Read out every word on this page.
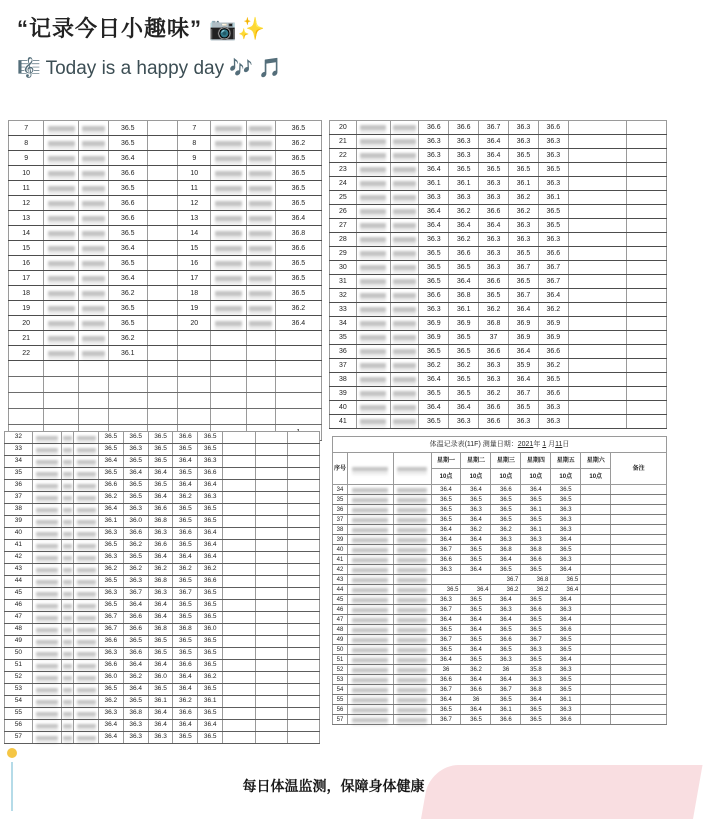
“记录今日小趣味” 📷✨
🎼 Today is a happy day 🎶 🎵
7			36.5		7			36.5
8			36.5		8			36.2
9			36.4		9			36.5
10			36.6		10			36.5
11			36.5		11			36.5
12			36.6		12			36.5
13			36.6		13			36.4
14			36.5		14			36.8
15			36.4		15			36.6
16			36.5		16			36.5
17			36.4		17			36.5
18			36.2		18			36.5
19			36.5		19			36.2
20			36.5		20			36.4
21			36.2					
22			36.1					

20			36.6	36.6	36.7	36.3	36.6		
21			36.3	36.3	36.4	36.3	36.3		
22			36.3	36.3	36.4	36.5	36.3		
23			36.4	36.5	36.5	36.5	36.5		
24			36.1	36.1	36.3	36.1	36.3		
25			36.3	36.3	36.3	36.2	36.1		
26			36.4	36.2	36.6	36.2	36.5		
27			36.4	36.4	36.4	36.3	36.5		
28			36.3	36.2	36.3	36.3	36.3		
29			36.5	36.6	36.3	36.5	36.6		
30			36.5	36.5	36.3	36.7	36.7		
31			36.5	36.4	36.6	36.5	36.7		
32			36.6	36.8	36.5	36.7	36.4		
33			36.3	36.1	36.2	36.4	36.2		
34			36.9	36.9	36.8	36.9	36.9		
35			36.9	36.5	37	36.9	36.9		
36			36.5	36.5	36.6	36.4	36.6		
37			36.2	36.2	36.3	35.9	36.2		
38			36.4	36.5	36.3	36.4	36.5		
39			36.5	36.5	36.2	36.7	36.6		
40			36.4	36.4	36.6	36.5	36.3		
41			36.5	36.3	36.6	36.3	36.3		
32				36.5	36.5	36.5	36.6	36.5			
33				36.5	36.3	36.5	36.5	36.5			
34				36.4	36.5	36.5	36.4	36.3			
35				36.5	36.4	36.4	36.5	36.6			
36				36.6	36.5	36.5	36.4	36.4			
37				36.2	36.5	36.4	36.2	36.3			
38				36.4	36.3	36.6	36.5	36.5			
39				36.1	36.0	36.8	36.5	36.5			
40				36.3	36.6	36.3	36.6	36.4			
41				36.5	36.2	36.6	36.5	36.4			
42				36.3	36.5	36.4	36.4	36.4			
43				36.2	36.2	36.2	36.2	36.2			
44				36.5	36.3	36.8	36.5	36.6			
45				36.3	36.7	36.3	36.7	36.5			
46				36.5	36.4	36.4	36.5	36.5			
47				36.7	36.6	36.4	36.5	36.5			
48				36.7	36.6	36.8	36.8	36.0			
49				36.6	36.5	36.5	36.5	36.5			
50				36.3	36.6	36.5	36.5	36.5			
51				36.6	36.4	36.4	36.6	36.5			
52				36.0	36.2	36.0	36.4	36.2			
53				36.5	36.4	36.5	36.4	36.5			
54				36.2	36.5	36.1	36.2	36.1			
55				36.3	36.8	36.4	36.6	36.5			
56				36.4	36.3	36.4	36.4	36.4			
57				36.4	36.3	36.3	36.5	36.5			
体温记录表(11F) 测量日期：2021年 1 月11日
序号			星期一	星期二	星期三	星期四	星期五	星期六	备注
			10点	10点	10点	10点	10点	10点	
34			36.4	36.4	36.6	36.4	36.5		
35			36.5	36.5	36.5	36.5	36.5		
36			36.5	36.3	36.5	36.1	36.3		
37			36.5	36.4	36.5	36.5	36.3		
38			36.4	36.2	36.2	36.1	36.3		
39			36.4	36.4	36.3	36.3	36.4		
40			36.7	36.5	36.8	36.8	36.5		
41			36.6	36.5	36.4	36.6	36.3		
42			36.3	36.4	36.5	36.5	36.4		
43					36.7	36.8	36.5		
44			36.5	36.4	36.2	36.2	36.4		
45			36.3	36.5	36.4	36.5	36.4		
46			36.7	36.5	36.3	36.6	36.3		
47			36.4	36.4	36.4	36.5	36.4		
48			36.5	36.4	36.5	36.5	36.6		
49			36.7	36.5	36.6	36.7	36.5		
50			36.5	36.4	36.5	36.3	36.5		
51			36.4	36.5	36.3	36.5	36.4		
52			36	36.2	36	35.8	36.3		
53			36.6	36.4	36.4	36.3	36.5		
54			36.7	36.6	36.7	36.8	36.5		
55			36.4	36	36.5	36.4	36.1		
56			36.5	36.4	36.1	36.5	36.3		
57			36.7	36.5	36.6	36.5	36.6		
每日体温监测，保障身体健康
